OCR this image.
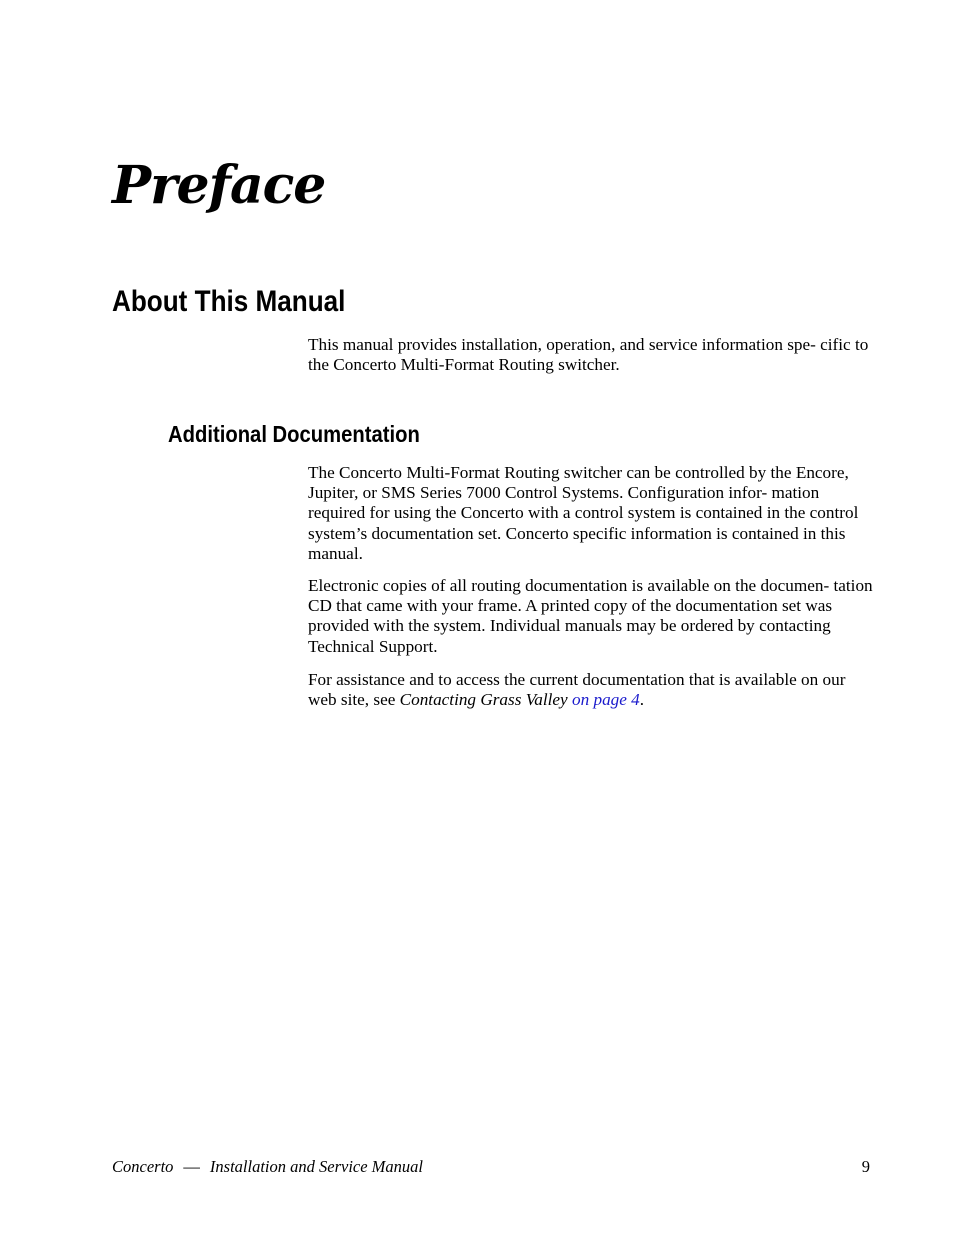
Preface
About This Manual

This manual provides installation, operation, and service information spe- cific to the Concerto Multi-Format Routing switcher.

Additional Documentation

The Concerto Multi-Format Routing switcher can be controlled by the Encore, Jupiter, or SMS Series 7000 Control Systems. Configuration infor- mation required for using the Concerto with a control system is contained in the control system’s documentation set. Concerto specific information is contained in this manual.

Electronic copies of all routing documentation is available on the documen- tation CD that came with your frame. A printed copy of the documentation set was provided with the system. Individual manuals may be ordered by contacting Technical Support.

For assistance and to access the current documentation that is available on our web site, see Contacting Grass Valley on page 4.

Concerto — Installation and Service Manual	9
